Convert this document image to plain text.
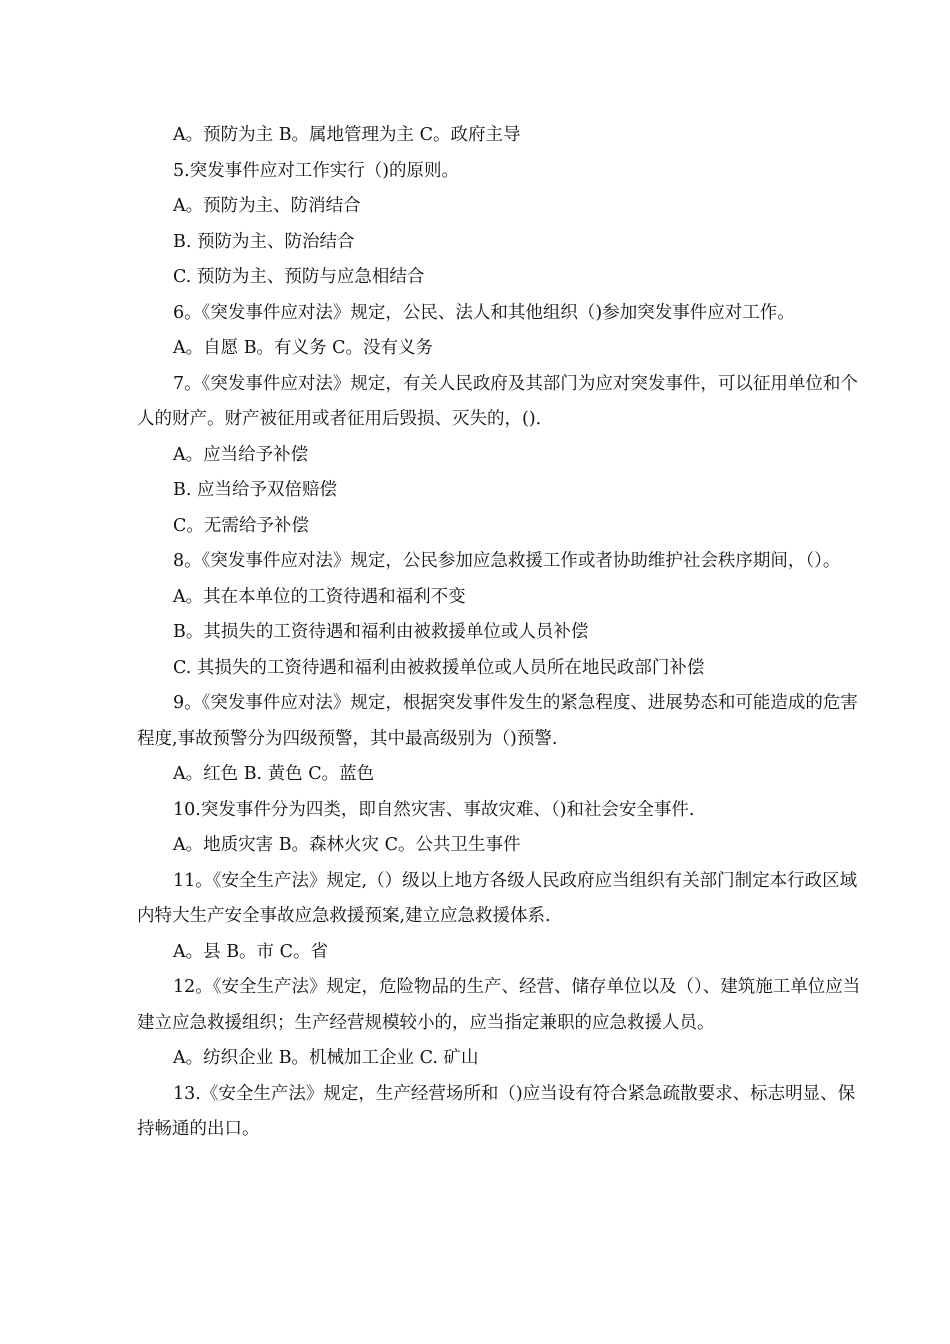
A。预防为主 B。属地管理为主 C。政府主导
5.突发事件应对工作实行（)的原则。
A。预防为主、防消结合
B. 预防为主、防治结合
C. 预防为主、预防与应急相结合
6。《突发事件应对法》规定，公民、法人和其他组织（)参加突发事件应对工作。
A。自愿 B。有义务 C。没有义务
7。《突发事件应对法》规定，有关人民政府及其部门为应对突发事件，可以征用单位和个人的财产。财产被征用或者征用后毁损、灭失的，()．
A。应当给予补偿
B. 应当给予双倍赔偿
C。无需给予补偿
8。《突发事件应对法》规定，公民参加应急救援工作或者协助维护社会秩序期间，（）。
A。其在本单位的工资待遇和福利不变
B。其损失的工资待遇和福利由被救援单位或人员补偿
C. 其损失的工资待遇和福利由被救援单位或人员所在地民政部门补偿
9。《突发事件应对法》规定，根据突发事件发生的紧急程度、进展势态和可能造成的危害程度,事故预警分为四级预警，其中最高级别为（)预警.
A。红色 B. 黄色 C。蓝色
10.突发事件分为四类，即自然灾害、事故灾难、（)和社会安全事件.
A。地质灾害 B。森林火灾 C。公共卫生事件
11。《安全生产法》规定,（）级以上地方各级人民政府应当组织有关部门制定本行政区域内特大生产安全事故应急救援预案,建立应急救援体系.
A。县 B。市 C。省
12。《安全生产法》规定，危险物品的生产、经营、储存单位以及（）、建筑施工单位应当建立应急救援组织；生产经营规模较小的，应当指定兼职的应急救援人员。
A。纺织企业 B。机械加工企业 C. 矿山
13.《安全生产法》规定，生产经营场所和（)应当设有符合紧急疏散要求、标志明显、保持畅通的出口。
